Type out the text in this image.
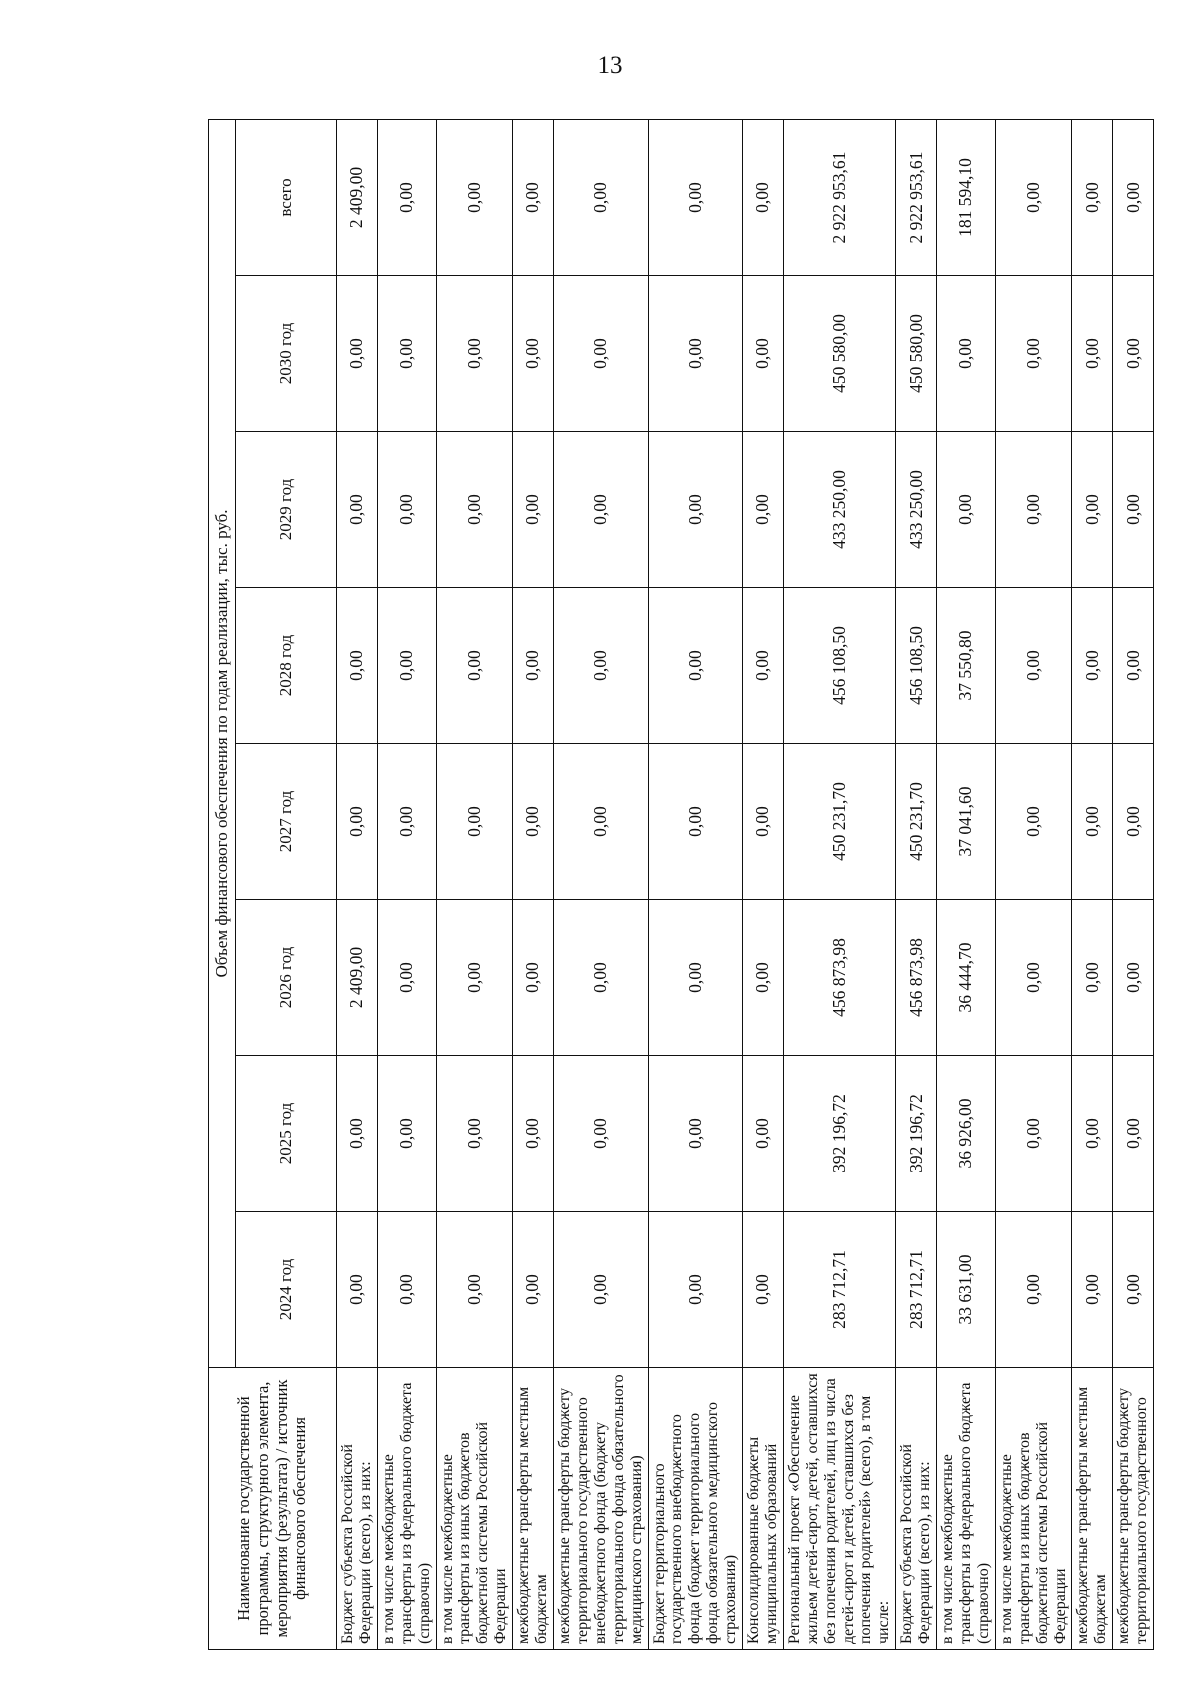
13
Наименование государственной программы, структурного элемента, мероприятия (результата) / источник финансового обеспечения	Объем финансового обеспечения по годам реализации, тыс. руб.							
	2024 год	2025 год	2026 год	2027 год	2028 год	2029 год	2030 год	всего
Бюджет субъекта Российской Федерации (всего), из них:	0,00	0,00	2 409,00	0,00	0,00	0,00	0,00	2 409,00
в том числе межбюджетные трансферты из федерального бюджета (справочно)	0,00	0,00	0,00	0,00	0,00	0,00	0,00	0,00
в том числе межбюджетные трансферты из иных бюджетов бюджетной системы Российской Федерации	0,00	0,00	0,00	0,00	0,00	0,00	0,00	0,00
межбюджетные трансферты местным бюджетам	0,00	0,00	0,00	0,00	0,00	0,00	0,00	0,00
межбюджетные трансферты бюджету территориального государственного внебюджетного фонда (бюджету территориального фонда обязательного медицинского страхования)	0,00	0,00	0,00	0,00	0,00	0,00	0,00	0,00
Бюджет территориального государственного внебюджетного фонда (бюджет территориального фонда обязательного медицинского страхования)	0,00	0,00	0,00	0,00	0,00	0,00	0,00	0,00
Консолидированные бюджеты муниципальных образований	0,00	0,00	0,00	0,00	0,00	0,00	0,00	0,00
Региональный проект «Обеспечение жильем детей-сирот, детей, оставшихся без попечения родителей, лиц из числа детей-сирот и детей, оставшихся без попечения родителей» (всего), в том числе:	283 712,71	392 196,72	456 873,98	450 231,70	456 108,50	433 250,00	450 580,00	2 922 953,61
Бюджет субъекта Российской Федерации (всего), из них:	283 712,71	392 196,72	456 873,98	450 231,70	456 108,50	433 250,00	450 580,00	2 922 953,61
в том числе межбюджетные трансферты из федерального бюджета (справочно)	33 631,00	36 926,00	36 444,70	37 041,60	37 550,80	0,00	0,00	181 594,10
в том числе межбюджетные трансферты из иных бюджетов бюджетной системы Российской Федерации	0,00	0,00	0,00	0,00	0,00	0,00	0,00	0,00
межбюджетные трансферты местным бюджетам	0,00	0,00	0,00	0,00	0,00	0,00	0,00	0,00
межбюджетные трансферты бюджету территориального государственного	0,00	0,00	0,00	0,00	0,00	0,00	0,00	0,00
